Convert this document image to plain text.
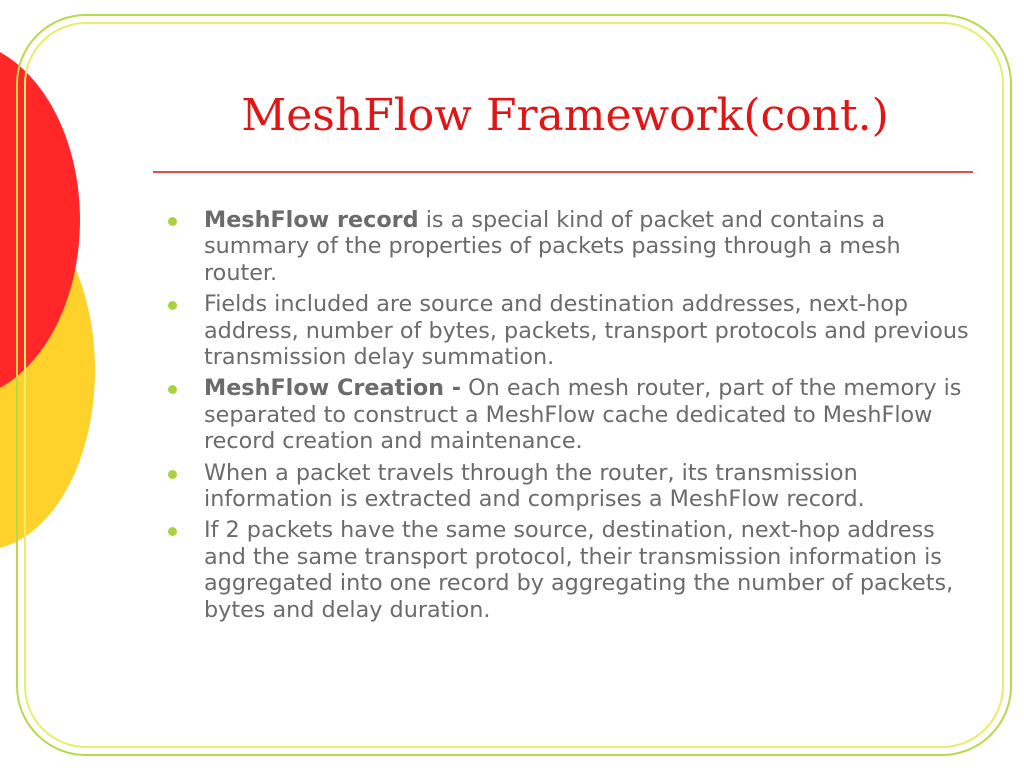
MeshFlow Framework(cont.)
MeshFlow record is a special kind of packet and contains a summary of the properties of packets passing through a mesh router.
Fields included are source and destination addresses, next-hop address, number of bytes, packets, transport protocols and previous transmission delay summation.
MeshFlow Creation - On each mesh router, part of the memory is separated to construct a MeshFlow cache dedicated to MeshFlow record creation and maintenance.
When a packet travels through the router, its transmission information is extracted and comprises a MeshFlow record.
If 2 packets have the same source, destination, next-hop address and the same transport protocol, their transmission information is aggregated into one record by aggregating the number of packets, bytes and delay duration.
